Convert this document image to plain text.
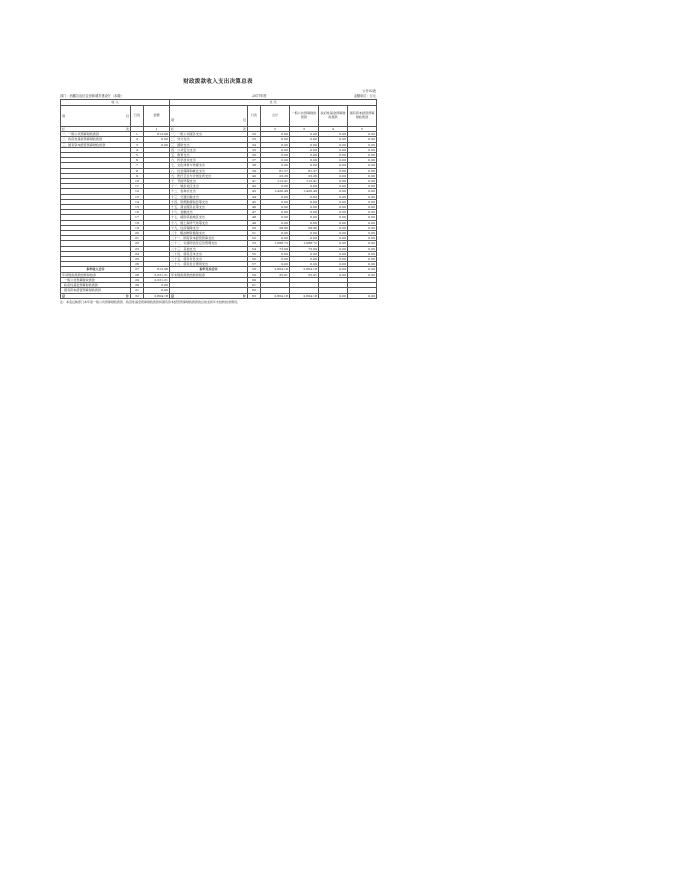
财政拨款收入支出决算总表
公开02表
部门：西藏自治区住房和城乡建设厅（本级）	2017年度	金额单位：万元
收 入			支 出					

项 目	行次	金额	项 目	行次	合计	一般公共预算财政拨款	政府性基金预算财政拨款	国有资本经营预算财政拨款

栏 次		1	栏 次		2	3	4	5
一、一般公共预算财政拨款	1	812.98	一、一般公共服务支出	32	0.00	0.00	0.00	0.00
二、政府性基金预算财政拨款	2	0.00	二、外交支出	33	0.00	0.00	0.00	0.00
三、国有资本经营预算财政拨款	3	0.00	三、国防支出	34	0.00	0.00	0.00	0.00
	4		四、公共安全支出	35	0.00	0.00	0.00	0.00
	5		五、教育支出	36	0.00	0.00	0.00	0.00
	6		六、科学技术支出	37	0.00	0.00	0.00	0.00
	7		七、文化体育与传媒支出	38	0.00	0.00	0.00	0.00
	8		八、社会保障和就业支出	39	81.37	81.37	0.00	0.00
	9		九、医疗卫生与计划生育支出	40	23.26	23.26	0.00	0.00
	10		十、节能环保支出	41	112.41	112.41	0.00	0.00
	11		十一、城乡社区支出	42	0.00	0.00	0.00	0.00
	12		十二、农林水支出	43	1,426.49	1,426.49	0.00	0.00
	13		十三、交通运输支出	44	0.00	0.00	0.00	0.00
	14		十四、资源勘探信息等支出	45	0.00	0.00	0.00	0.00
	15		十五、商业服务业等支出	46	0.00	0.00	0.00	0.00
	16		十六、金融支出	47	0.00	0.00	0.00	0.00
	17		十七、援助其他地区支出	48	0.00	0.00	0.00	0.00
	18		十八、国土海洋气象等支出	49	0.00	0.00	0.00	0.00
	19		十九、住房保障支出	50	28.96	28.96	0.00	0.00
	20		二十、粮油物资储备支出	51	0.00	0.00	0.00	0.00
	21		二十一、国有资本经营预算支出	52	0.00	0.00	0.00	0.00
	22		二十二、灾害防治及应急管理支出	53	1,088.73	1,088.73	0.00	0.00
	23		二十三、其他支出	54	73.09	73.09	0.00	0.00
	24		二十四、债务还本支出	55	0.00	0.00	0.00	0.00
	25		二十五、债务付息支出	56	0.00	0.00	0.00	0.00
	26		二十六、债务发行费用支出	57	0.00	0.00	0.00	0.00
本年收入合计	27	812.98	本年支出合计	58	2,804.18	2,804.18	0.00	0.00
年初财政拨款结转和结余	28	2,231.21	年末财政拨款结转和结余	59	35.01	35.01	0.00	0.00
一般公共预算财政拨款	29	2,231.21		60				
政府性基金预算财政拨款	30	0.00		61				
国有资本经营预算财政拨款	31	0.00		62				

总 计	32	2,804.18	总 计	63	2,804.18	2,804.18	0.00	0.00
注：本表反映部门本年度一般公共预算财政拨款、政府性基金预算财政拨款和国有资本经营预算财政拨款的总收支和年末结转结余情况。
